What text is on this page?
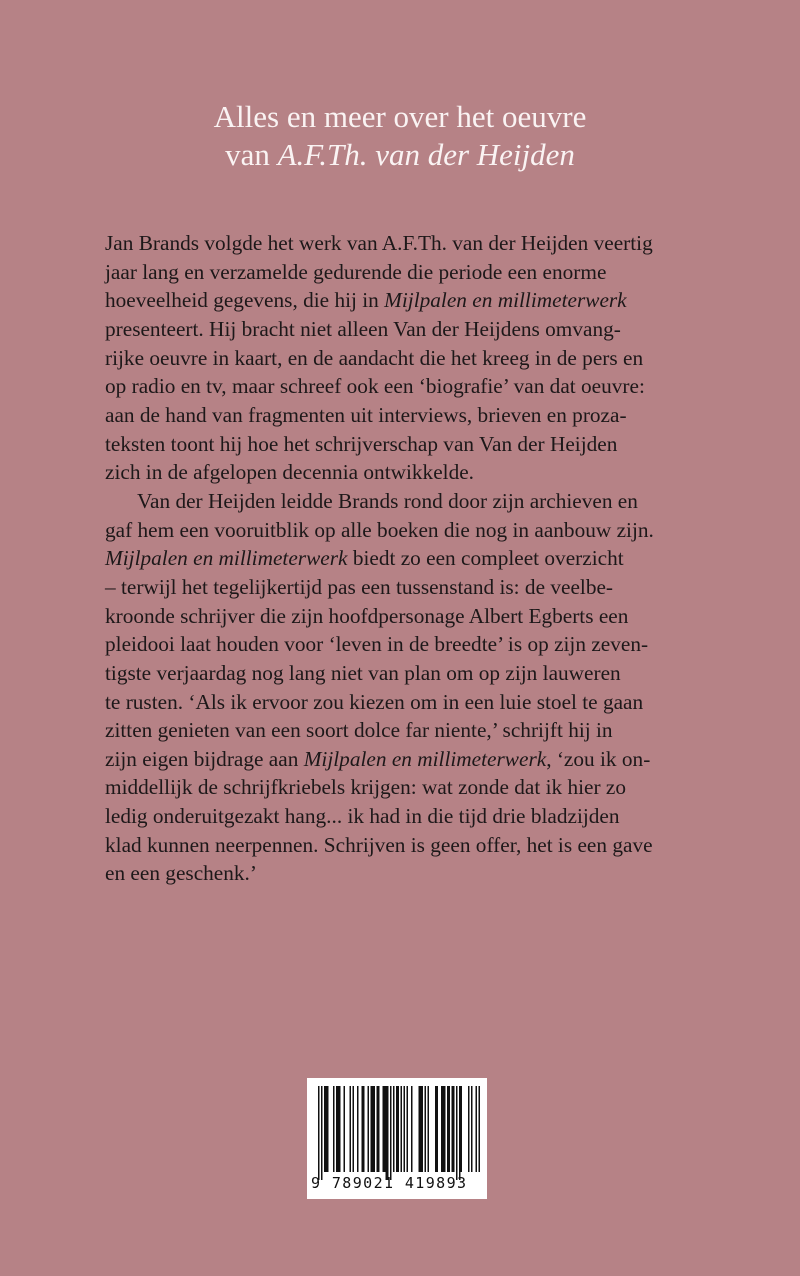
Alles en meer over het oeuvre
van A.F.Th. van der Heijden
Jan Brands volgde het werk van A.F.Th. van der Heijden veertig
jaar lang en verzamelde gedurende die periode een enorme
hoeveelheid gegevens, die hij in Mijlpalen en millimeterwerk
presenteert. Hij bracht niet alleen Van der Heijdens omvang-
rijke oeuvre in kaart, en de aandacht die het kreeg in de pers en
op radio en tv, maar schreef ook een ‘biografie’ van dat oeuvre:
aan de hand van fragmenten uit interviews, brieven en proza-
teksten toont hij hoe het schrijverschap van Van der Heijden
zich in de afgelopen decennia ontwikkelde.
Van der Heijden leidde Brands rond door zijn archieven en
gaf hem een vooruitblik op alle boeken die nog in aanbouw zijn.
Mijlpalen en millimeterwerk biedt zo een compleet overzicht
– terwijl het tegelijkertijd pas een tussenstand is: de veelbe-
kroonde schrijver die zijn hoofdpersonage Albert Egberts een
pleidooi laat houden voor ‘leven in de breedte’ is op zijn zeven-
tigste verjaardag nog lang niet van plan om op zijn lauweren
te rusten. ‘Als ik ervoor zou kiezen om in een luie stoel te gaan
zitten genieten van een soort dolce far niente,’ schrijft hij in
zijn eigen bijdrage aan Mijlpalen en millimeterwerk, ‘zou ik on-
middellijk de schrijfkriebels krijgen: wat zonde dat ik hier zo
ledig onderuitgezakt hang... ik had in die tijd drie bladzijden
klad kunnen neerpennen. Schrijven is geen offer, het is een gave
en een geschenk.’
9 789021 419893
